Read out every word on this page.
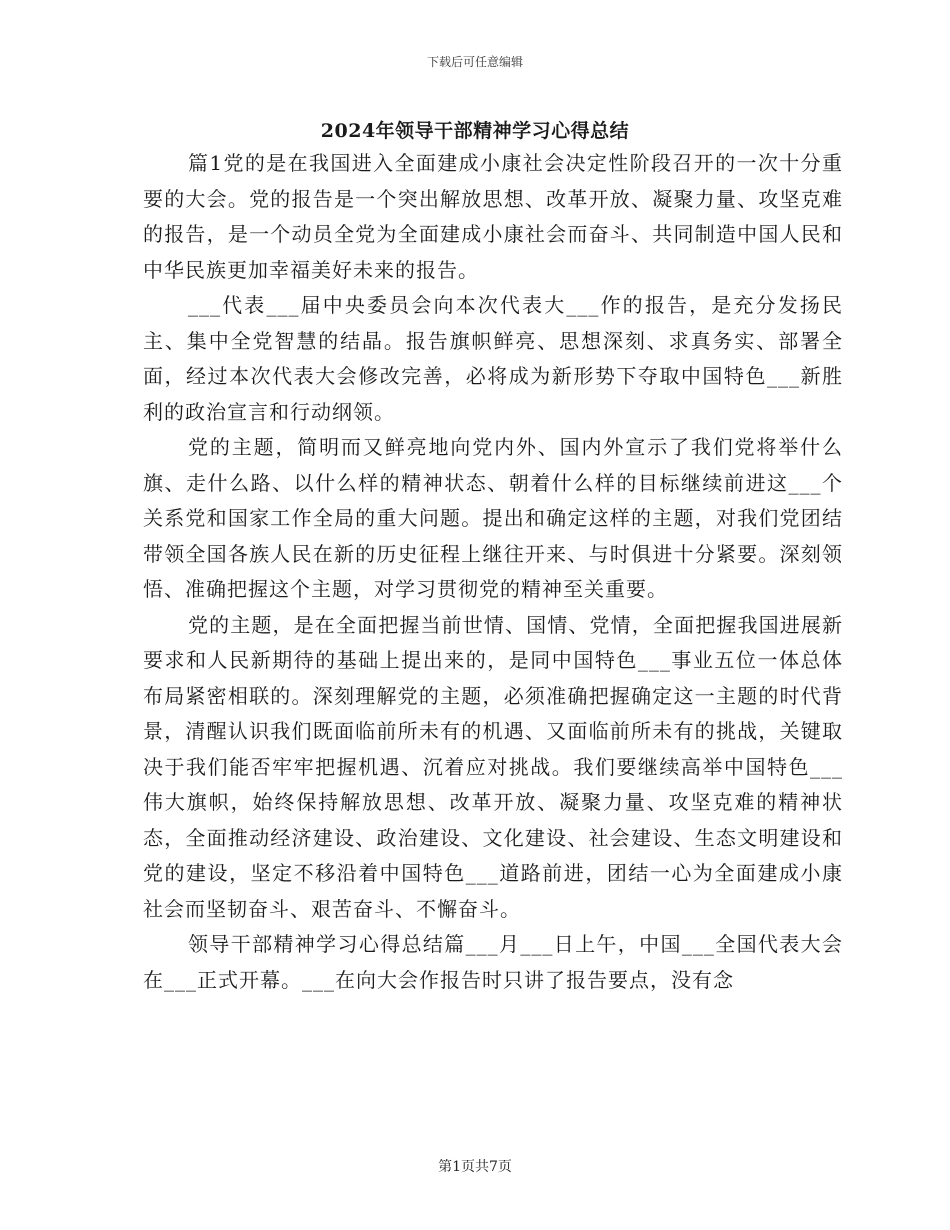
下载后可任意编辑
2024年领导干部精神学习心得总结

篇1党的是在我国进入全面建成小康社会决定性阶段召开的一次十分重要的大会。党的报告是一个突出解放思想、改革开放、凝聚力量、攻坚克难的报告，是一个动员全党为全面建成小康社会而奋斗、共同制造中国人民和中华民族更加幸福美好未来的报告。

___代表___届中央委员会向本次代表大___作的报告，是充分发扬民主、集中全党智慧的结晶。报告旗帜鲜亮、思想深刻、求真务实、部署全面，经过本次代表大会修改完善，必将成为新形势下夺取中国特色___新胜利的政治宣言和行动纲领。

党的主题，简明而又鲜亮地向党内外、国内外宣示了我们党将举什么旗、走什么路、以什么样的精神状态、朝着什么样的目标继续前进这___个关系党和国家工作全局的重大问题。提出和确定这样的主题，对我们党团结带领全国各族人民在新的历史征程上继往开来、与时俱进十分紧要。深刻领悟、准确把握这个主题，对学习贯彻党的精神至关重要。

党的主题，是在全面把握当前世情、国情、党情，全面把握我国进展新要求和人民新期待的基础上提出来的，是同中国特色___事业五位一体总体布局紧密相联的。深刻理解党的主题，必须准确把握确定这一主题的时代背景，清醒认识我们既面临前所未有的机遇、又面临前所未有的挑战，关键取决于我们能否牢牢把握机遇、沉着应对挑战。我们要继续高举中国特色___伟大旗帜，始终保持解放思想、改革开放、凝聚力量、攻坚克难的精神状态，全面推动经济建设、政治建设、文化建设、社会建设、生态文明建设和党的建设，坚定不移沿着中国特色___道路前进，团结一心为全面建成小康社会而坚韧奋斗、艰苦奋斗、不懈奋斗。

领导干部精神学习心得总结篇___月___日上午，中国___全国代表大会在___正式开幕。___在向大会作报告时只讲了报告要点，没有念

第1页共7页
